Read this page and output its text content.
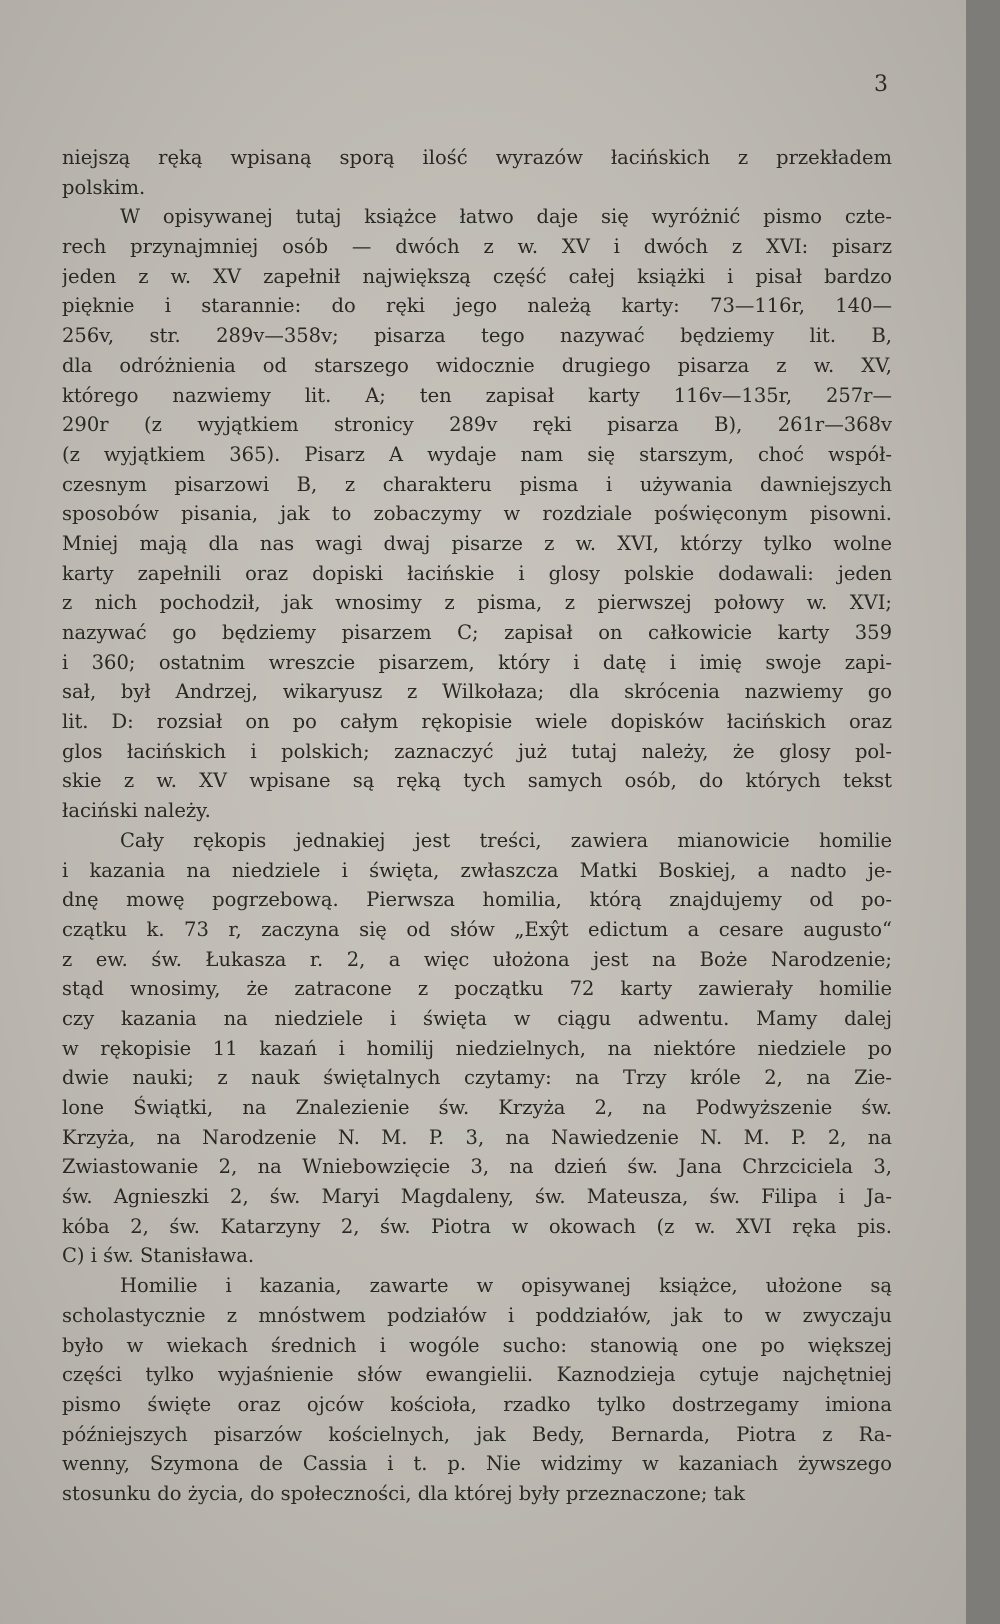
3

niejszą ręką wpisaną sporą ilość wyrazów łacińskich z przekładem
polskim.
W opisywanej tutaj książce łatwo daje się wyróżnić pismo czte-
rech przynajmniej osób — dwóch z w. XV i dwóch z XVI: pisarz
jeden z w. XV zapełnił największą część całej książki i pisał bardzo
pięknie i starannie: do ręki jego należą karty: 73—116r, 140—
256v, str. 289v—358v; pisarza tego nazywać będziemy lit. B,
dla odróżnienia od starszego widocznie drugiego pisarza z w. XV,
którego nazwiemy lit. A; ten zapisał karty 116v—135r, 257r—
290r (z wyjątkiem stronicy 289v ręki pisarza B), 261r—368v
(z wyjątkiem 365). Pisarz A wydaje nam się starszym, choć współ-
czesnym pisarzowi B, z charakteru pisma i używania dawniejszych
sposobów pisania, jak to zobaczymy w rozdziale poświęconym pisowni.
Mniej mają dla nas wagi dwaj pisarze z w. XVI, którzy tylko wolne
karty zapełnili oraz dopiski łacińskie i glosy polskie dodawali: jeden
z nich pochodził, jak wnosimy z pisma, z pierwszej połowy w. XVI;
nazywać go będziemy pisarzem C; zapisał on całkowicie karty 359
i 360; ostatnim wreszcie pisarzem, który i datę i imię swoje zapi-
sał, był Andrzej, wikaryusz z Wilkołaza; dla skrócenia nazwiemy go
lit. D: rozsiał on po całym rękopisie wiele dopisków łacińskich oraz
glos łacińskich i polskich; zaznaczyć już tutaj należy, że glosy pol-
skie z w. XV wpisane są ręką tych samych osób, do których tekst
łaciński należy.
Cały rękopis jednakiej jest treści, zawiera mianowicie homilie
i kazania na niedziele i święta, zwłaszcza Matki Boskiej, a nadto je-
dnę mowę pogrzebową. Pierwsza homilia, którą znajdujemy od po-
czątku k. 73 r, zaczyna się od słów „Exŷt edictum a cesare augusto“
z ew. św. Łukasza r. 2, a więc ułożona jest na Boże Narodzenie;
stąd wnosimy, że zatracone z początku 72 karty zawierały homilie
czy kazania na niedziele i święta w ciągu adwentu. Mamy dalej
w rękopisie 11 kazań i homilij niedzielnych, na niektóre niedziele po
dwie nauki; z nauk świętalnych czytamy: na Trzy króle 2, na Zie-
lone Świątki, na Znalezienie św. Krzyża 2, na Podwyższenie św.
Krzyża, na Narodzenie N. M. P. 3, na Nawiedzenie N. M. P. 2, na
Zwiastowanie 2, na Wniebowzięcie 3, na dzień św. Jana Chrzciciela 3,
św. Agnieszki 2, św. Maryi Magdaleny, św. Mateusza, św. Filipa i Ja-
kóba 2, św. Katarzyny 2, św. Piotra w okowach (z w. XVI ręka pis.
C) i św. Stanisława.
Homilie i kazania, zawarte w opisywanej książce, ułożone są
scholastycznie z mnóstwem podziałów i poddziałów, jak to w zwyczaju
było w wiekach średnich i wogóle sucho: stanowią one po większej
części tylko wyjaśnienie słów ewangielii. Kaznodzieja cytuje najchętniej
pismo święte oraz ojców kościoła, rzadko tylko dostrzegamy imiona
późniejszych pisarzów kościelnych, jak Bedy, Bernarda, Piotra z Ra-
wenny, Szymona de Cassia i t. p. Nie widzimy w kazaniach żywszego
stosunku do życia, do społeczności, dla której były przeznaczone; tak
